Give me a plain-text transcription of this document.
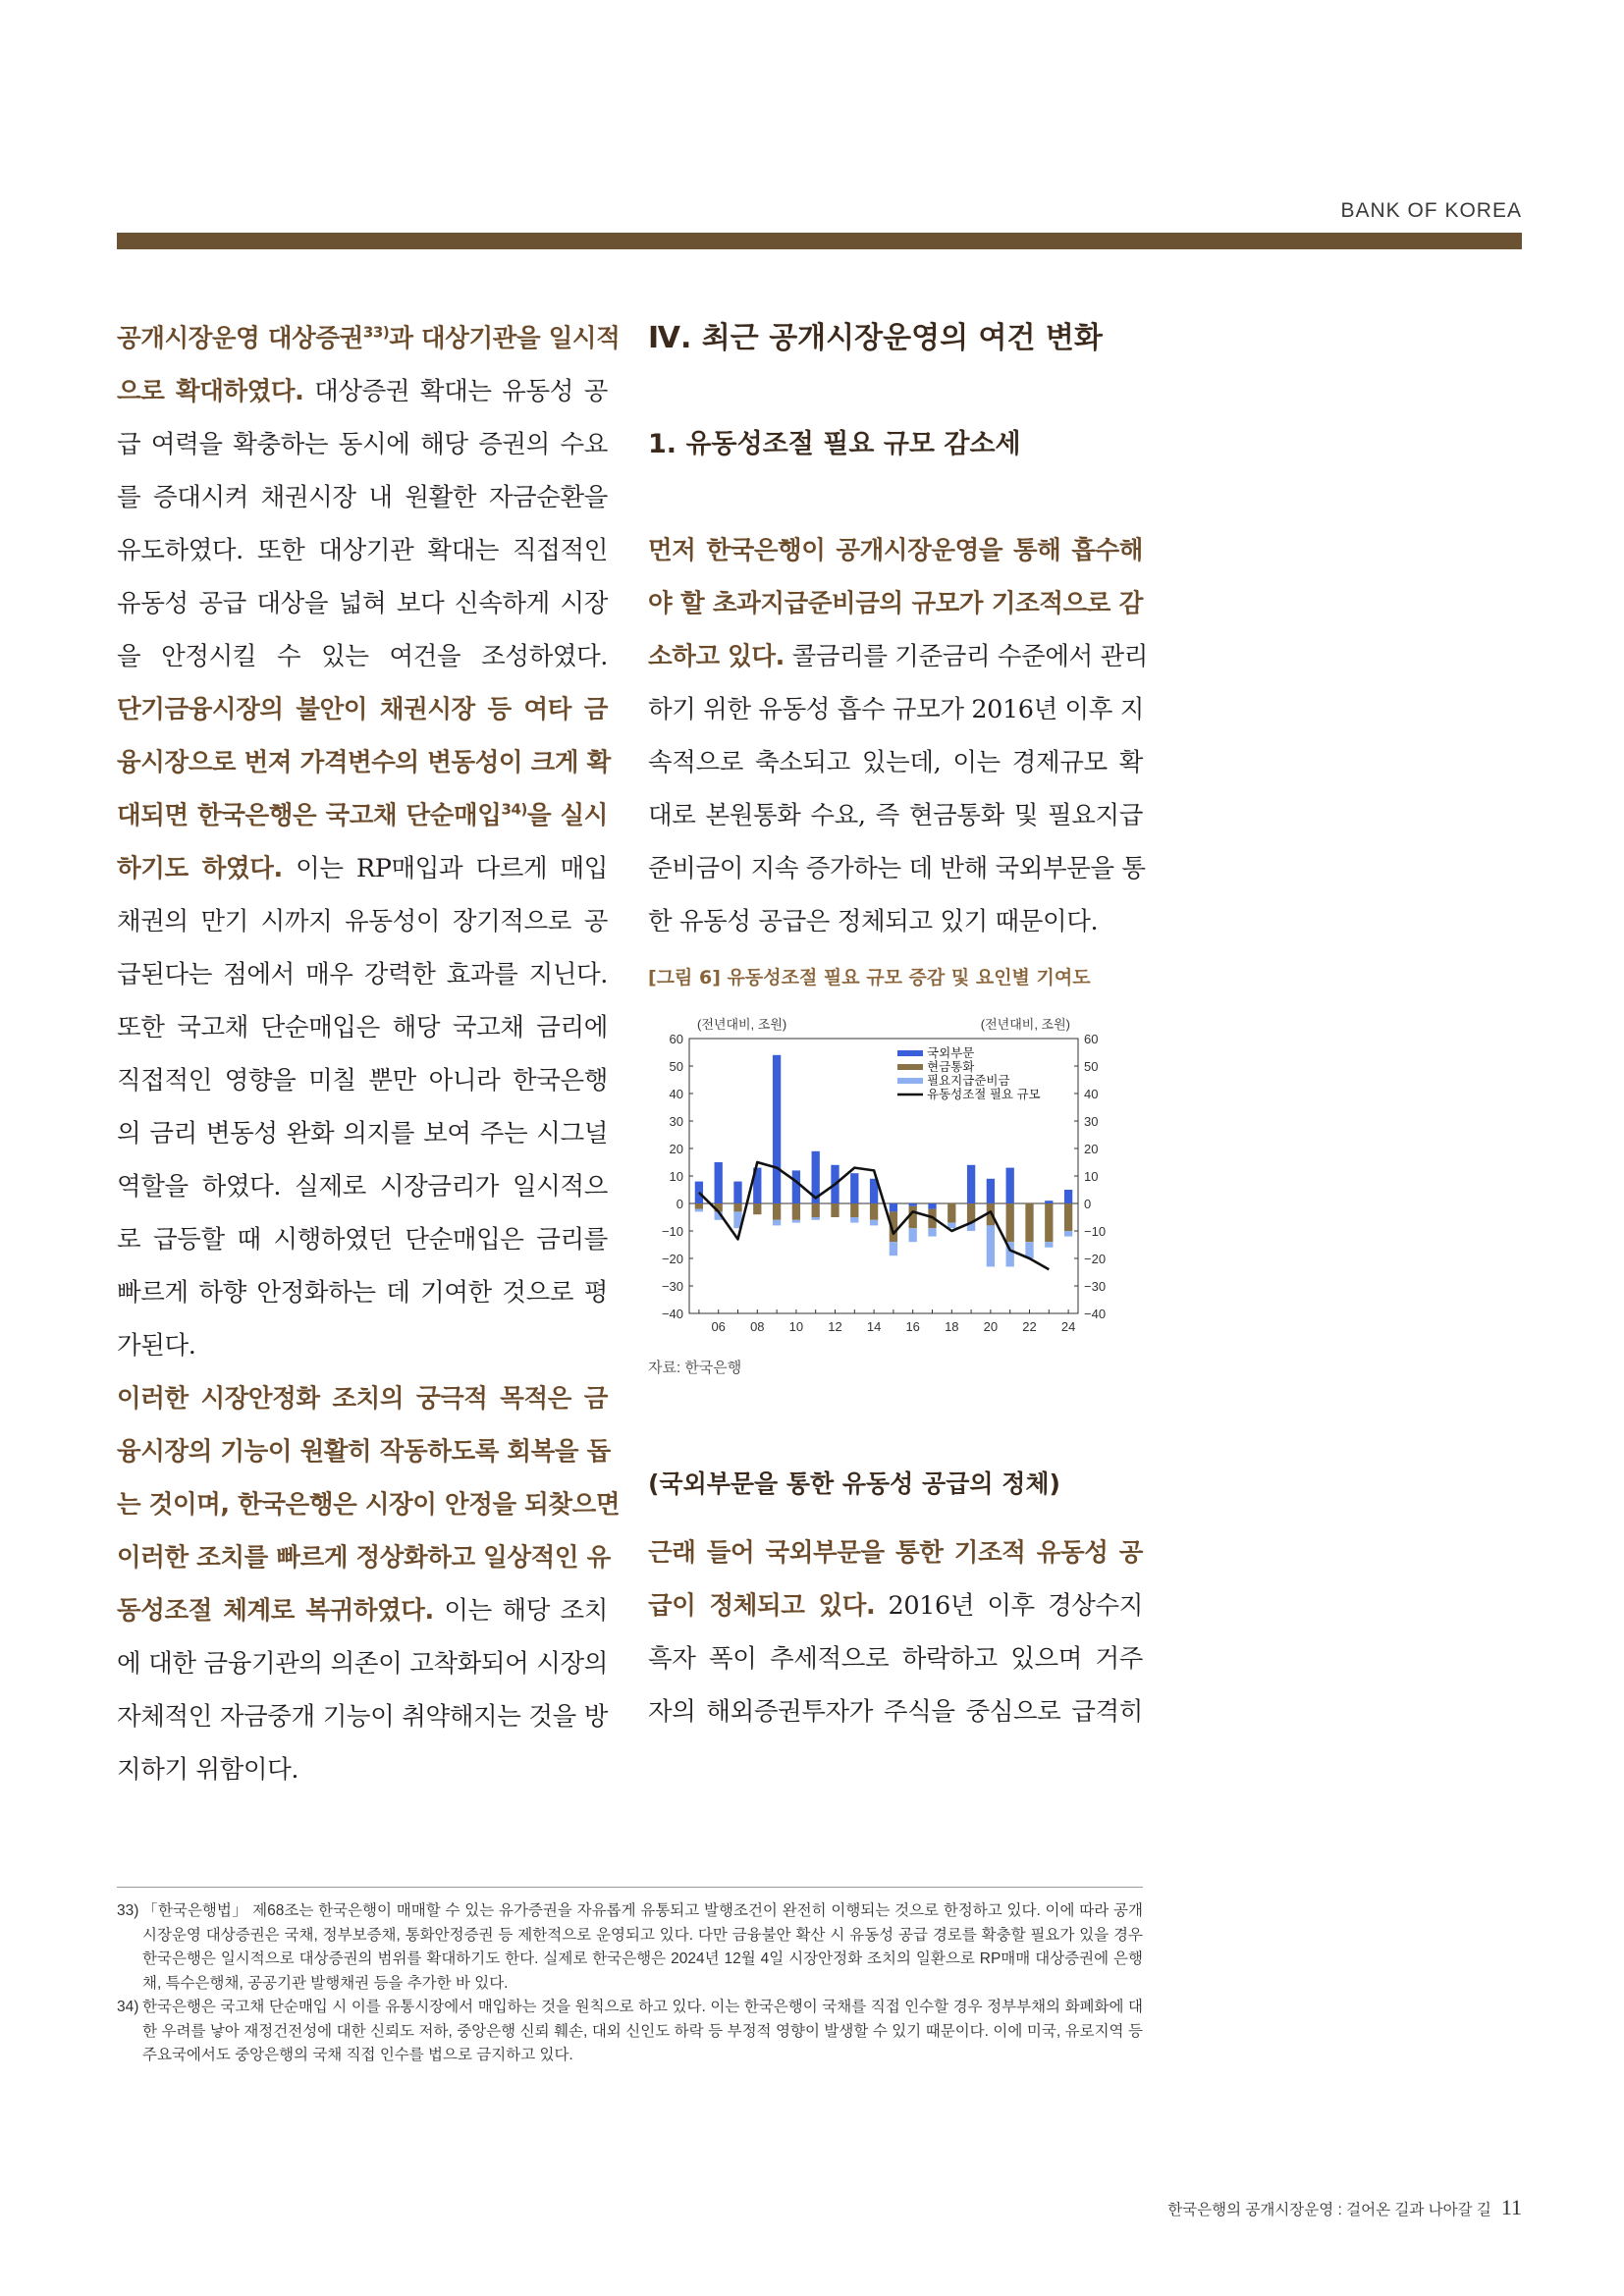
BANK OF KOREA
공개시장운영 대상증권$^{33)}$과 대상기관을 일시적
으로 확대하였다. 대상증권 확대는 유동성 공
급 여력을 확충하는 동시에 해당 증권의 수요
를 증대시켜 채권시장 내 원활한 자금순환을
유도하였다. 또한 대상기관 확대는 직접적인
유동성 공급 대상을 넓혀 보다 신속하게 시장
을 안정시킬 수 있는 여건을 조성하였다.
단기금융시장의 불안이 채권시장 등 여타 금
융시장으로 번져 가격변수의 변동성이 크게 확
대되면 한국은행은 국고채 단순매입$^{34)}$을 실시
하기도 하였다. 이는 RP매입과 다르게 매입
채권의 만기 시까지 유동성이 장기적으로 공
급된다는 점에서 매우 강력한 효과를 지닌다.
또한 국고채 단순매입은 해당 국고채 금리에
직접적인 영향을 미칠 뿐만 아니라 한국은행
의 금리 변동성 완화 의지를 보여 주는 시그널
역할을 하였다. 실제로 시장금리가 일시적으
로 급등할 때 시행하였던 단순매입은 금리를
빠르게 하향 안정화하는 데 기여한 것으로 평
가된다.
이러한 시장안정화 조치의 궁극적 목적은 금
융시장의 기능이 원활히 작동하도록 회복을 돕
는 것이며, 한국은행은 시장이 안정을 되찾으면
이러한 조치를 빠르게 정상화하고 일상적인 유
동성조절 체계로 복귀하였다. 이는 해당 조치
에 대한 금융기관의 의존이 고착화되어 시장의
자체적인 자금중개 기능이 취약해지는 것을 방
지하기 위함이다.
Ⅳ. 최근 공개시장운영의 여건 변화
1. 유동성조절 필요 규모 감소세
먼저 한국은행이 공개시장운영을 통해 흡수해
야 할 초과지급준비금의 규모가 기조적으로 감
소하고 있다. 콜금리를 기준금리 수준에서 관리
하기 위한 유동성 흡수 규모가 2016년 이후 지
속적으로 축소되고 있는데, 이는 경제규모 확
대로 본원통화 수요, 즉 현금통화 및 필요지급
준비금이 지속 증가하는 데 반해 국외부문을 통
한 유동성 공급은 정체되고 있기 때문이다.
[그림 6] 유동성조절 필요 규모 증감 및 요인별 기여도
(전년대비, 조원)	(전년대비, 조원)
−40	−40
−30	−30
−20	−20
−10	−10
0	0
10	10
20	20
30	30
40	40
50	50
60	60
06 08 10 12 14 16 18 20 22 24
국외부문
현금통화
필요지급준비금
유동성조절 필요 규모
자료: 한국은행
(국외부문을 통한 유동성 공급의 정체)
근래 들어 국외부문을 통한 기조적 유동성 공
급이 정체되고 있다. 2016년 이후 경상수지
흑자 폭이 추세적으로 하락하고 있으며 거주
자의 해외증권투자가 주식을 중심으로 급격히
33) 「한국은행법」 제68조는 한국은행이 매매할 수 있는 유가증권을 자유롭게 유통되고 발행조건이 완전히 이행되는 것으로 한정하고 있다. 이에 따라 공개시장운영 대상증권은 국채, 정부보증채, 통화안정증권 등 제한적으로 운영되고 있다. 다만 금융불안 확산 시 유동성 공급 경로를 확충할 필요가 있을 경우 한국은행은 일시적으로 대상증권의 범위를 확대하기도 한다. 실제로 한국은행은 2024년 12월 4일 시장안정화 조치의 일환으로 RP매매 대상증권에 은행채, 특수은행채, 공공기관 발행채권 등을 추가한 바 있다.
34) 한국은행은 국고채 단순매입 시 이를 유통시장에서 매입하는 것을 원칙으로 하고 있다. 이는 한국은행이 국채를 직접 인수할 경우 정부부채의 화폐화에 대한 우려를 낳아 재정건전성에 대한 신뢰도 저하, 중앙은행 신뢰 훼손, 대외 신인도 하락 등 부정적 영향이 발생할 수 있기 때문이다. 이에 미국, 유로지역 등 주요국에서도 중앙은행의 국채 직접 인수를 법으로 금지하고 있다.
한국은행의 공개시장운영 : 걸어온 길과 나아갈 길 11
